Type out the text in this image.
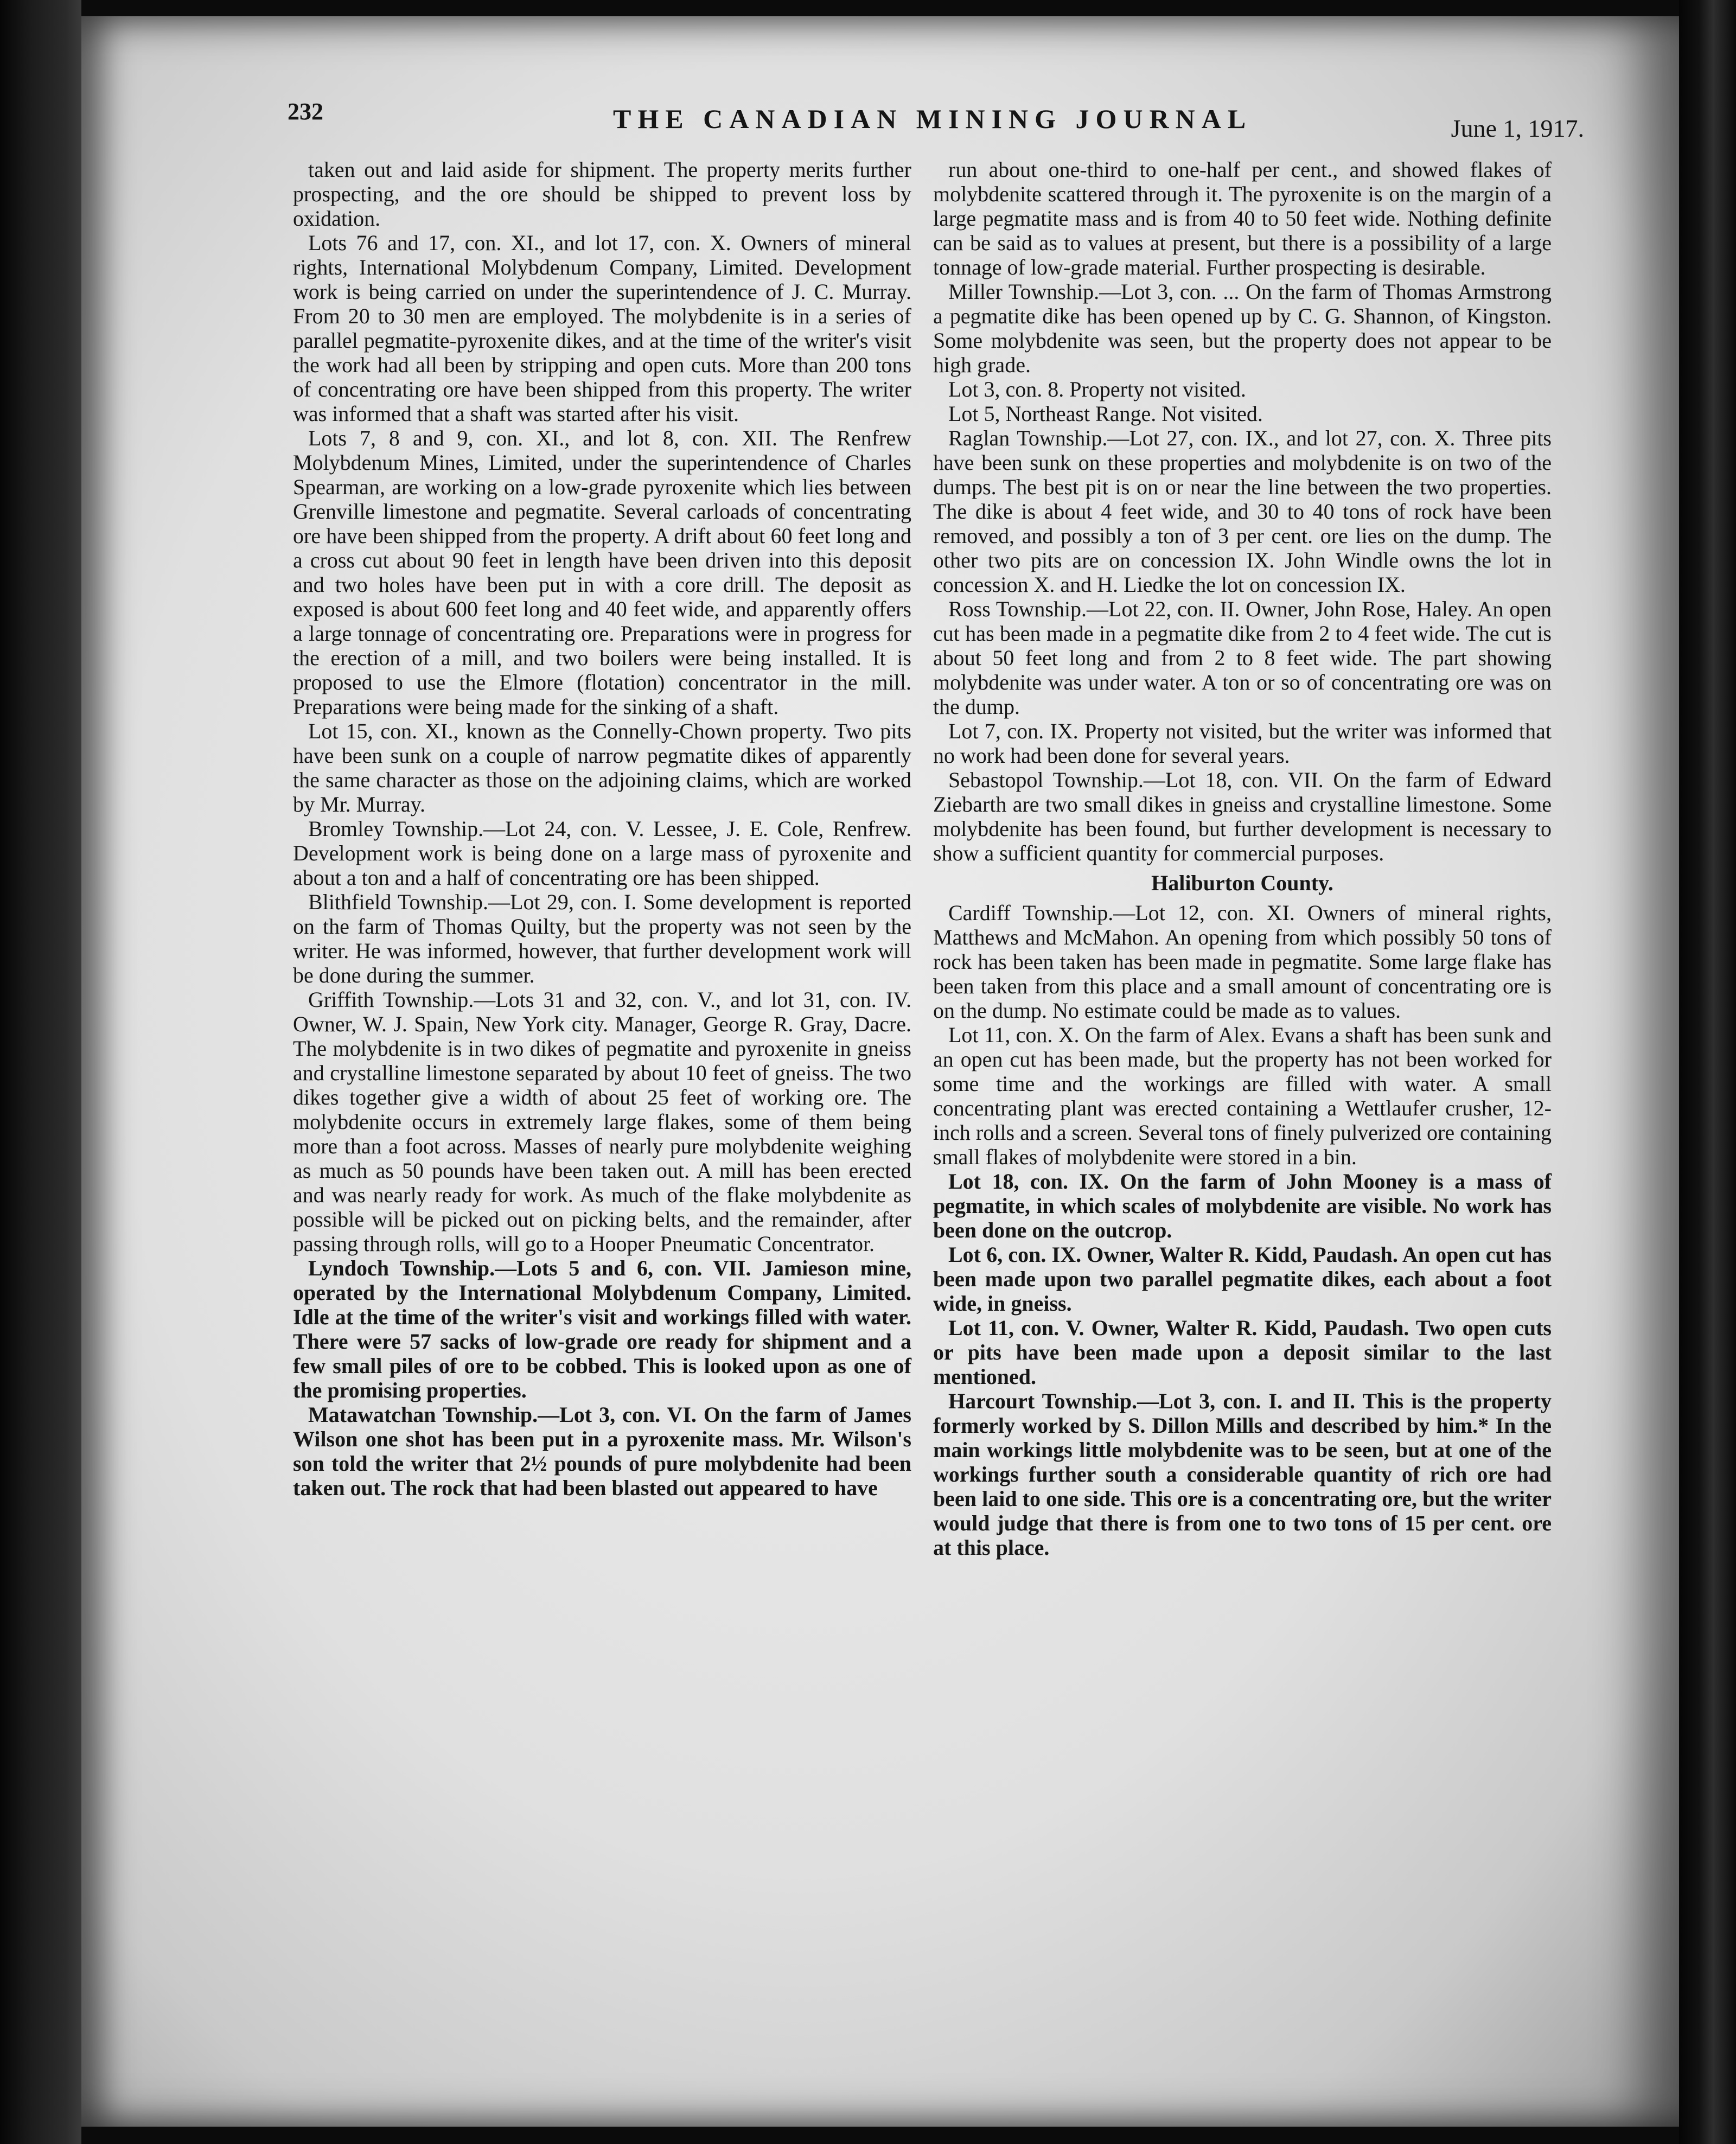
232	THE CANADIAN MINING JOURNAL	June 1, 1917.

taken out and laid aside for shipment. The property merits further prospecting, and the ore should be shipped to prevent loss by oxidation.

Lots 76 and 17, con. XI., and lot 17, con. X. Owners of mineral rights, International Molybdenum Company, Limited. Development work is being carried on under the superintendence of J. C. Murray. From 20 to 30 men are employed. The molybdenite is in a series of parallel pegmatite-pyroxenite dikes, and at the time of the writer's visit the work had all been by stripping and open cuts. More than 200 tons of concentrating ore have been shipped from this property. The writer was informed that a shaft was started after his visit.

Lots 7, 8 and 9, con. XI., and lot 8, con. XII. The Renfrew Molybdenum Mines, Limited, under the superintendence of Charles Spearman, are working on a low-grade pyroxenite which lies between Grenville limestone and pegmatite. Several carloads of concentrating ore have been shipped from the property. A drift about 60 feet long and a cross cut about 90 feet in length have been driven into this deposit and two holes have been put in with a core drill. The deposit as exposed is about 600 feet long and 40 feet wide, and apparently offers a large tonnage of concentrating ore. Preparations were in progress for the erection of a mill, and two boilers were being installed. It is proposed to use the Elmore (flotation) concentrator in the mill. Preparations were being made for the sinking of a shaft.

Lot 15, con. XI., known as the Connelly-Chown property. Two pits have been sunk on a couple of narrow pegmatite dikes of apparently the same character as those on the adjoining claims, which are worked by Mr. Murray.

Bromley Township.—Lot 24, con. V. Lessee, J. E. Cole, Renfrew. Development work is being done on a large mass of pyroxenite and about a ton and a half of concentrating ore has been shipped.

Blithfield Township.—Lot 29, con. I. Some development is reported on the farm of Thomas Quilty, but the property was not seen by the writer. He was informed, however, that further development work will be done during the summer.

Griffith Township.—Lots 31 and 32, con. V., and lot 31, con. IV. Owner, W. J. Spain, New York city. Manager, George R. Gray, Dacre. The molybdenite is in two dikes of pegmatite and pyroxenite in gneiss and crystalline limestone separated by about 10 feet of gneiss. The two dikes together give a width of about 25 feet of working ore. The molybdenite occurs in extremely large flakes, some of them being more than a foot across. Masses of nearly pure molybdenite weighing as much as 50 pounds have been taken out. A mill has been erected and was nearly ready for work. As much of the flake molybdenite as possible will be picked out on picking belts, and the remainder, after passing through rolls, will go to a Hooper Pneumatic Concentrator.

Lyndoch Township.—Lots 5 and 6, con. VII. Jamieson mine, operated by the International Molybdenum Company, Limited. Idle at the time of the writer's visit and workings filled with water. There were 57 sacks of low-grade ore ready for shipment and a few small piles of ore to be cobbed. This is looked upon as one of the promising properties.

Matawatchan Township.—Lot 3, con. VI. On the farm of James Wilson one shot has been put in a pyroxenite mass. Mr. Wilson's son told the writer that 2½ pounds of pure molybdenite had been taken out. The rock that had been blasted out appeared to have

run about one-third to one-half per cent., and showed flakes of molybdenite scattered through it. The pyroxenite is on the margin of a large pegmatite mass and is from 40 to 50 feet wide. Nothing definite can be said as to values at present, but there is a possibility of a large tonnage of low-grade material. Further prospecting is desirable.

Miller Township.—Lot 3, con. ... On the farm of Thomas Armstrong a pegmatite dike has been opened up by C. G. Shannon, of Kingston. Some molybdenite was seen, but the property does not appear to be high grade.

Lot 3, con. 8. Property not visited.

Lot 5, Northeast Range. Not visited.

Raglan Township.—Lot 27, con. IX., and lot 27, con. X. Three pits have been sunk on these properties and molybdenite is on two of the dumps. The best pit is on or near the line between the two properties. The dike is about 4 feet wide, and 30 to 40 tons of rock have been removed, and possibly a ton of 3 per cent. ore lies on the dump. The other two pits are on concession IX. John Windle owns the lot in concession X. and H. Liedke the lot on concession IX.

Ross Township.—Lot 22, con. II. Owner, John Rose, Haley. An open cut has been made in a pegmatite dike from 2 to 4 feet wide. The cut is about 50 feet long and from 2 to 8 feet wide. The part showing molybdenite was under water. A ton or so of concentrating ore was on the dump.

Lot 7, con. IX. Property not visited, but the writer was informed that no work had been done for several years.

Sebastopol Township.—Lot 18, con. VII. On the farm of Edward Ziebarth are two small dikes in gneiss and crystalline limestone. Some molybdenite has been found, but further development is necessary to show a sufficient quantity for commercial purposes.

Haliburton County.

Cardiff Township.—Lot 12, con. XI. Owners of mineral rights, Matthews and McMahon. An opening from which possibly 50 tons of rock has been taken has been made in pegmatite. Some large flake has been taken from this place and a small amount of concentrating ore is on the dump. No estimate could be made as to values.

Lot 11, con. X. On the farm of Alex. Evans a shaft has been sunk and an open cut has been made, but the property has not been worked for some time and the workings are filled with water. A small concentrating plant was erected containing a Wettlaufer crusher, 12-inch rolls and a screen. Several tons of finely pulverized ore containing small flakes of molybdenite were stored in a bin.

Lot 18, con. IX. On the farm of John Mooney is a mass of pegmatite, in which scales of molybdenite are visible. No work has been done on the outcrop.

Lot 6, con. IX. Owner, Walter R. Kidd, Paudash. An open cut has been made upon two parallel pegmatite dikes, each about a foot wide, in gneiss.

Lot 11, con. V. Owner, Walter R. Kidd, Paudash. Two open cuts or pits have been made upon a deposit similar to the last mentioned.

Harcourt Township.—Lot 3, con. I. and II. This is the property formerly worked by S. Dillon Mills and described by him.* In the main workings little molybdenite was to be seen, but at one of the workings further south a considerable quantity of rich ore had been laid to one side. This ore is a concentrating ore, but the writer would judge that there is from one to two tons of 15 per cent. ore at this place.
